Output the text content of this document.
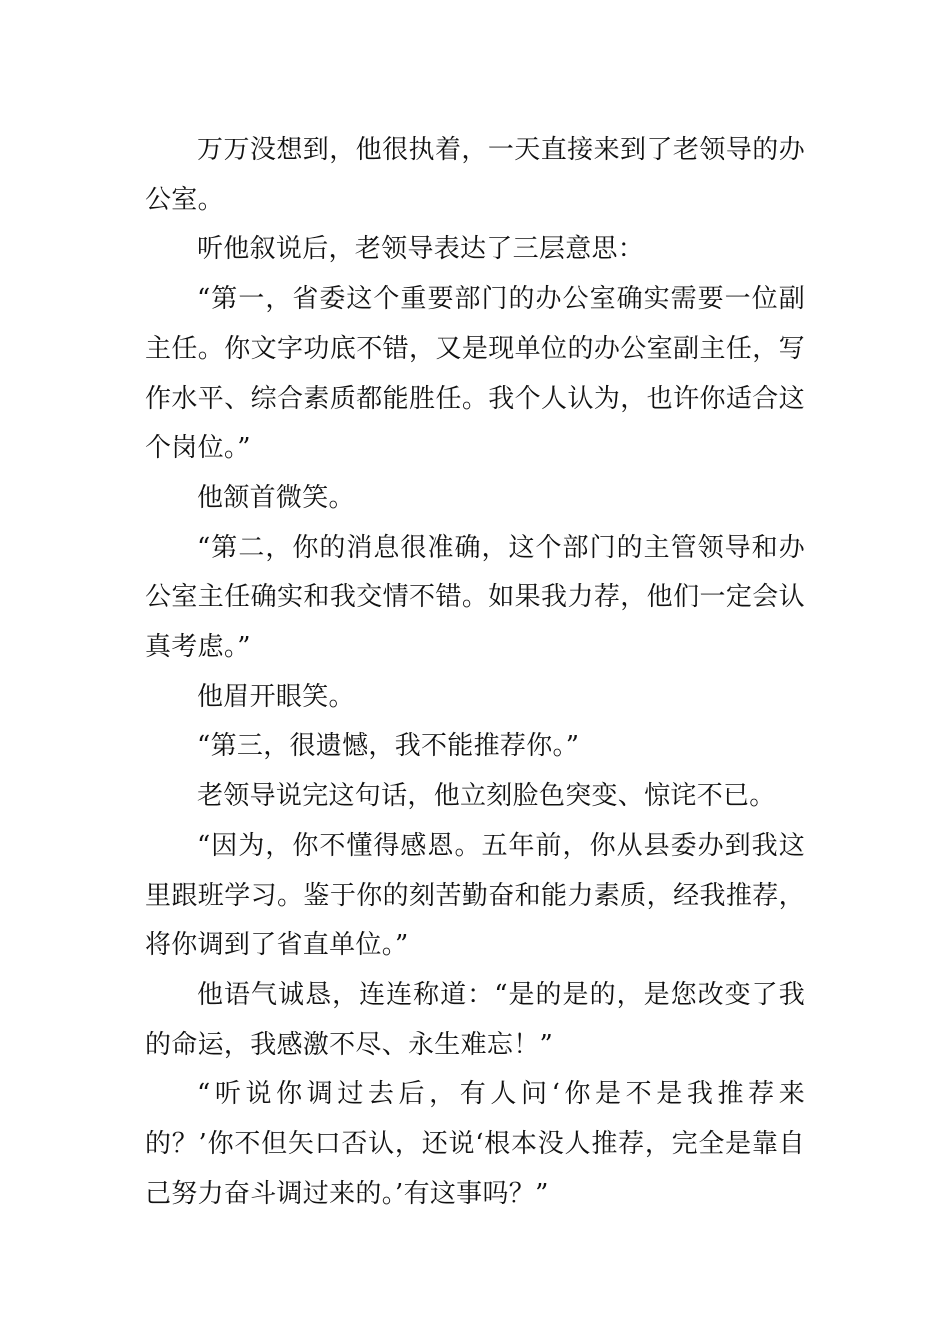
万万没想到，他很执着，一天直接来到了老领导的办公室。

听他叙说后，老领导表达了三层意思：

“第一，省委这个重要部门的办公室确实需要一位副主任。你文字功底不错，又是现单位的办公室副主任，写作水平、综合素质都能胜任。我个人认为，也许你适合这个岗位。”

他颔首微笑。

“第二，你的消息很准确，这个部门的主管领导和办公室主任确实和我交情不错。如果我力荐，他们一定会认真考虑。”

他眉开眼笑。

“第三，很遗憾，我不能推荐你。”

老领导说完这句话，他立刻脸色突变、惊诧不已。

“因为，你不懂得感恩。五年前，你从县委办到我这里跟班学习。鉴于你的刻苦勤奋和能力素质，经我推荐，将你调到了省直单位。”

他语气诚恳，连连称道：“是的是的，是您改变了我的命运，我感激不尽、永生难忘！”

“听说你调过去后，有人问‘你是不是我推荐来的？’你不但矢口否认，还说‘根本没人推荐，完全是靠自己努力奋斗调过来的。’有这事吗？”
